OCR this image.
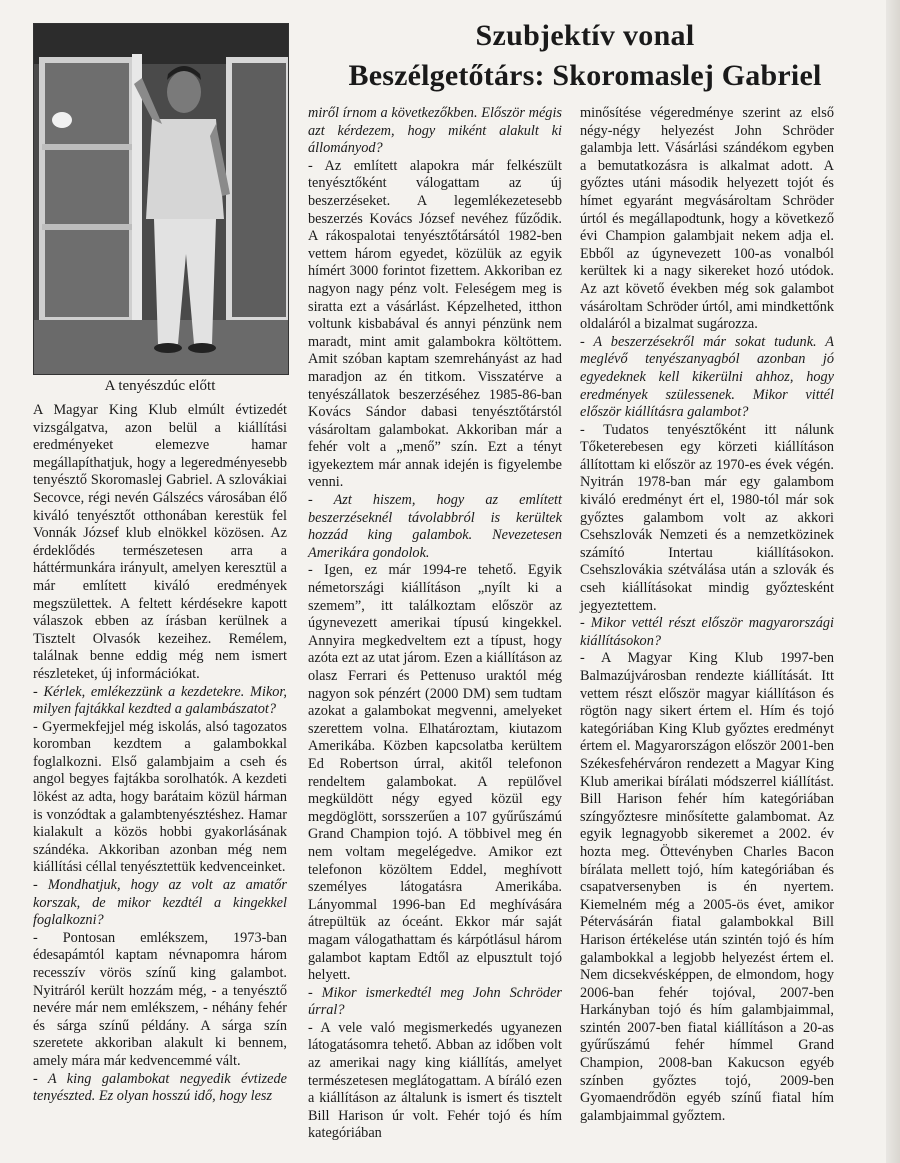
Szubjektív vonal
Beszélgetőtárs: Skoromaslej Gabriel
A tenyészdúc előtt

A Magyar King Klub elmúlt évtizedét vizsgálgatva, azon belül a kiállítási eredményeket elemezve hamar megállapíthatjuk, hogy a legeredményesebb tenyésztő Skoromaslej Gabriel. A szlovákiai Secovce, régi nevén Gálszécs városában élő kiváló tenyésztőt otthonában kerestük fel Vonnák József klub elnökkel közösen. Az érdeklődés természetesen arra a háttérmunkára irányult, amelyen keresztül a már említett kiváló eredmények megszülettek. A feltett kérdésekre kapott válaszok ebben az írásban kerülnek a Tisztelt Olvasók kezeihez. Remélem, találnak benne eddig még nem ismert részleteket, új információkat.

- Kérlek, emlékezzünk a kezdetekre. Mikor, milyen fajtákkal kezdted a galambászatot?

- Gyermekfejjel még iskolás, alsó tagozatos koromban kezdtem a galambokkal foglalkozni. Első galambjaim a cseh és angol begyes fajtákba sorolhatók. A kezdeti lökést az adta, hogy barátaim közül hárman is vonzódtak a galambtenyésztéshez. Hamar kialakult a közös hobbi gyakorlásának szándéka. Akkoriban azonban még nem kiállítási céllal tenyésztettük kedvenceinket.

- Mondhatjuk, hogy az volt az amatőr korszak, de mikor kezdtél a kingekkel foglalkozni?

- Pontosan emlékszem, 1973-ban édesapámtól kaptam névnapomra három recesszív vörös színű king galambot. Nyitráról került hozzám még, - a tenyésztő nevére már nem emlékszem, - néhány fehér és sárga színű példány. A sárga szín szeretete akkoriban alakult ki bennem, amely mára már kedvencemmé vált.

- A king galambokat negyedik évtizede tenyészted. Ez olyan hosszú idő, hogy lesz

miről írnom a következőkben. Először mégis azt kérdezem, hogy miként alakult ki állományod?

- Az említett alapokra már felkészült tenyésztőként válogattam az új beszerzéseket. A legemlékezetesebb beszerzés Kovács József nevéhez fűződik. A rákospalotai tenyésztőtársától 1982-ben vettem három egyedet, közülük az egyik hímért 3000 forintot fizettem. Akkoriban ez nagyon nagy pénz volt. Feleségem meg is siratta ezt a vásárlást. Képzelheted, itthon voltunk kisbabával és annyi pénzünk nem maradt, mint amit galambokra költöttem. Amit szóban kaptam szemrehányást az had maradjon az én titkom. Visszatérve a tenyészállatok beszerzéséhez 1985-86-ban Kovács Sándor dabasi tenyésztőtárstól vásároltam galambokat. Akkoriban már a fehér volt a „menő” szín. Ezt a tényt igyekeztem már annak idején is figyelembe venni.

- Azt hiszem, hogy az említett beszerzéseknél távolabbról is kerültek hozzád king galambok. Nevezetesen Amerikára gondolok.

- Igen, ez már 1994-re tehető. Egyik németországi kiállításon „nyílt ki a szemem”, itt találkoztam először az úgynevezett amerikai típusú kingekkel. Annyira megkedveltem ezt a típust, hogy azóta ezt az utat járom. Ezen a kiállításon az olasz Ferrari és Pettenuso uraktól még nagyon sok pénzért (2000 DM) sem tudtam azokat a galambokat megvenni, amelyeket szerettem volna. Elhatároztam, kiutazom Amerikába. Közben kapcsolatba kerültem Ed Robertson úrral, akitől telefonon rendeltem galambokat. A repülővel megküldött négy egyed közül egy megdöglött, sorsszerűen a 107 gyűrűszámú Grand Champion tojó. A többivel meg én nem voltam megelégedve. Amikor ezt telefonon közöltem Eddel, meghívott személyes látogatásra Amerikába. Lányommal 1996-ban Ed meghívására átrepültük az óceánt. Ekkor már saját magam válogathattam és kárpótlásul három galambot kaptam Edtől az elpusztult tojó helyett.

- Mikor ismerkedtél meg John Schröder úrral?

- A vele való megismerkedés ugyanezen látogatásomra tehető. Abban az időben volt az amerikai nagy king kiállítás, amelyet természetesen meglátogattam. A bíráló ezen a kiállításon az általunk is ismert és tisztelt Bill Harison úr volt. Fehér tojó és hím kategóriában

minősítése végeredménye szerint az első négy-négy helyezést John Schröder galambja lett. Vásárlási szándékom egyben a bemutatkozásra is alkalmat adott. A győztes utáni második helyezett tojót és hímet egyaránt megvásároltam Schröder úrtól és megállapodtunk, hogy a következő évi Champion galambjait nekem adja el. Ebből az úgynevezett 100-as vonalból kerültek ki a nagy sikereket hozó utódok. Az azt követő években még sok galambot vásároltam Schröder úrtól, ami mindkettőnk oldaláról a bizalmat sugározza.

- A beszerzésekről már sokat tudunk. A meglévő tenyészanyagból azonban jó egyedeknek kell kikerülni ahhoz, hogy eredmények szülessenek. Mikor vittél először kiállításra galambot?

- Tudatos tenyésztőként itt nálunk Tőketerebesen egy körzeti kiállításon állítottam ki először az 1970-es évek végén. Nyitrán 1978-ban már egy galambom kiváló eredményt ért el, 1980-tól már sok győztes galambom volt az akkori Csehszlovák Nemzeti és a nemzetközinek számító Intertau kiállításokon. Csehszlovákia szétválása után a szlovák és cseh kiállításokat mindig győztesként jegyeztettem.

- Mikor vettél részt először magyarországi kiállításokon?

- A Magyar King Klub 1997-ben Balmazújvárosban rendezte kiállítását. Itt vettem részt először magyar kiállításon és rögtön nagy sikert értem el. Hím és tojó kategóriában King Klub győztes eredményt értem el. Magyarországon először 2001-ben Székesfehérváron rendezett a Magyar King Klub amerikai bírálati módszerrel kiállítást. Bill Harison fehér hím kategóriában színgyőztesre minősítette galambomat. Az egyik legnagyobb sikeremet a 2002. év hozta meg. Öttevényben Charles Bacon bírálata mellett tojó, hím kategóriában és csapatversenyben is én nyertem. Kiemelném még a 2005-ös évet, amikor Pétervásárán fiatal galambokkal Bill Harison értékelése után szintén tojó és hím galambokkal a legjobb helyezést értem el. Nem dicsekvésképpen, de elmondom, hogy 2006-ban fehér tojóval, 2007-ben Harkányban tojó és hím galambjaimmal, szintén 2007-ben fiatal kiállításon a 20-as gyűrűszámú fehér hímmel Grand Champion, 2008-ban Kakucson egyéb színben győztes tojó, 2009-ben Gyomaendrődön egyéb színű fiatal hím galambjaimmal győztem.
